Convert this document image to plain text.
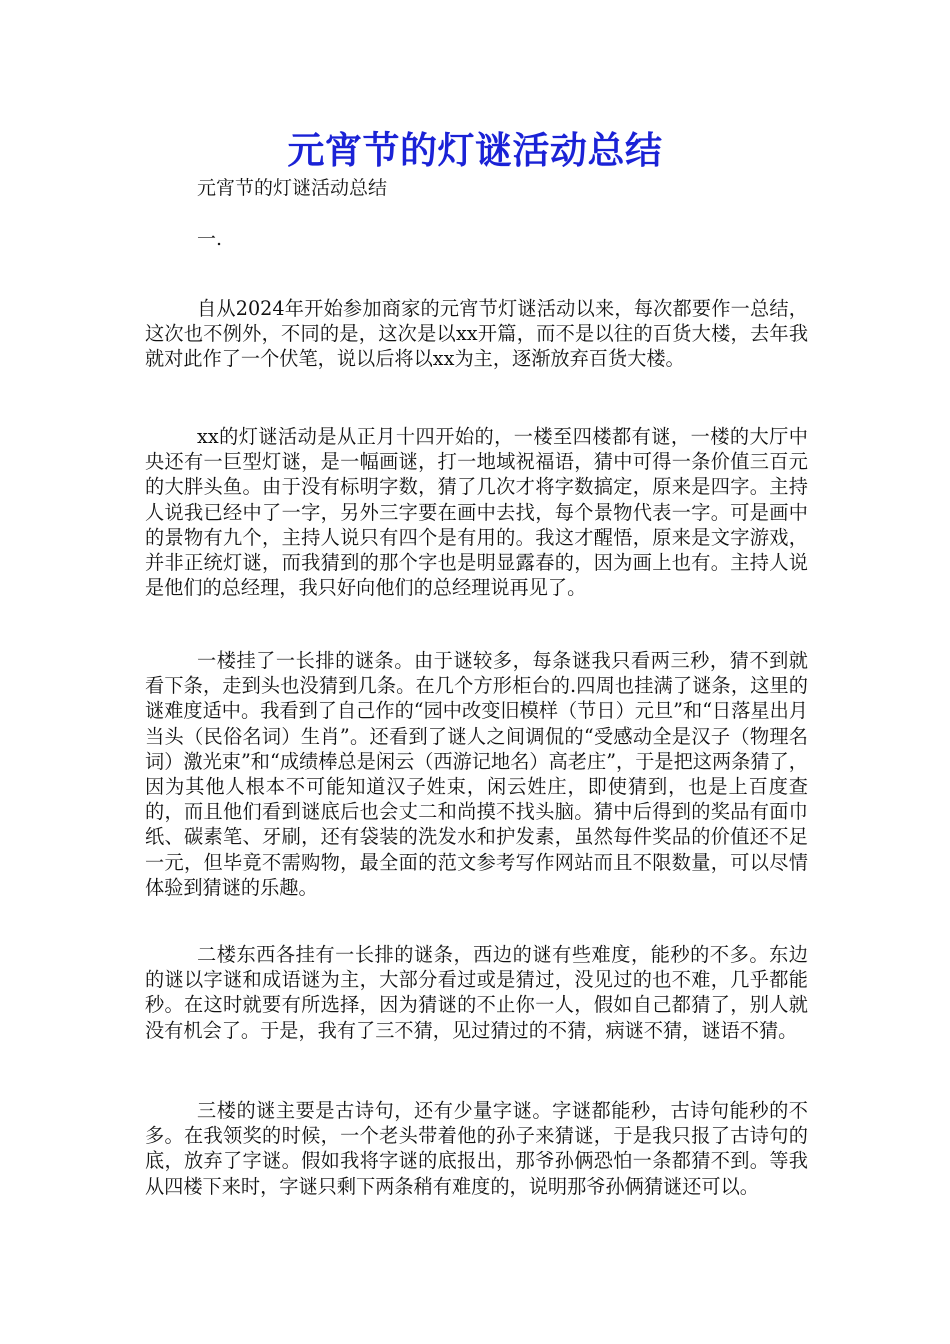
元宵节的灯谜活动总结
元宵节的灯谜活动总结
一.

自从2024年开始参加商家的元宵节灯谜活动以来，每次都要作一总结，这次也不例外，不同的是，这次是以xx开篇，而不是以往的百货大楼，去年我就对此作了一个伏笔，说以后将以xx为主，逐渐放弃百货大楼。

xx的灯谜活动是从正月十四开始的，一楼至四楼都有谜，一楼的大厅中央还有一巨型灯谜，是一幅画谜，打一地域祝福语，猜中可得一条价值三百元的大胖头鱼。由于没有标明字数，猜了几次才将字数搞定，原来是四字。主持人说我已经中了一字，另外三字要在画中去找，每个景物代表一字。可是画中的景物有九个，主持人说只有四个是有用的。我这才醒悟，原来是文字游戏，并非正统灯谜，而我猜到的那个字也是明显露春的，因为画上也有。主持人说是他们的总经理，我只好向他们的总经理说再见了。

一楼挂了一长排的谜条。由于谜较多，每条谜我只看两三秒，猜不到就看下条，走到头也没猜到几条。在几个方形柜台的.四周也挂满了谜条，这里的谜难度适中。我看到了自己作的“园中改变旧模样（节日）元旦”和“日落星出月当头（民俗名词）生肖”。还看到了谜人之间调侃的“受感动全是汉子（物理名词）激光束”和“成绩棒总是闲云（西游记地名）高老庄”，于是把这两条猜了，因为其他人根本不可能知道汉子姓束，闲云姓庄，即使猜到，也是上百度查的，而且他们看到谜底后也会丈二和尚摸不找头脑。猜中后得到的奖品有面巾纸、碳素笔、牙刷，还有袋装的洗发水和护发素，虽然每件奖品的价值还不足一元，但毕竟不需购物，最全面的范文参考写作网站而且不限数量，可以尽情体验到猜谜的乐趣。

二楼东西各挂有一长排的谜条，西边的谜有些难度，能秒的不多。东边的谜以字谜和成语谜为主，大部分看过或是猜过，没见过的也不难，几乎都能秒。在这时就要有所选择，因为猜谜的不止你一人，假如自己都猜了，别人就没有机会了。于是，我有了三不猜，见过猜过的不猜，病谜不猜，谜语不猜。

三楼的谜主要是古诗句，还有少量字谜。字谜都能秒，古诗句能秒的不多。在我领奖的时候，一个老头带着他的孙子来猜谜，于是我只报了古诗句的底，放弃了字谜。假如我将字谜的底报出，那爷孙俩恐怕一条都猜不到。等我从四楼下来时，字谜只剩下两条稍有难度的，说明那爷孙俩猜谜还可以。
